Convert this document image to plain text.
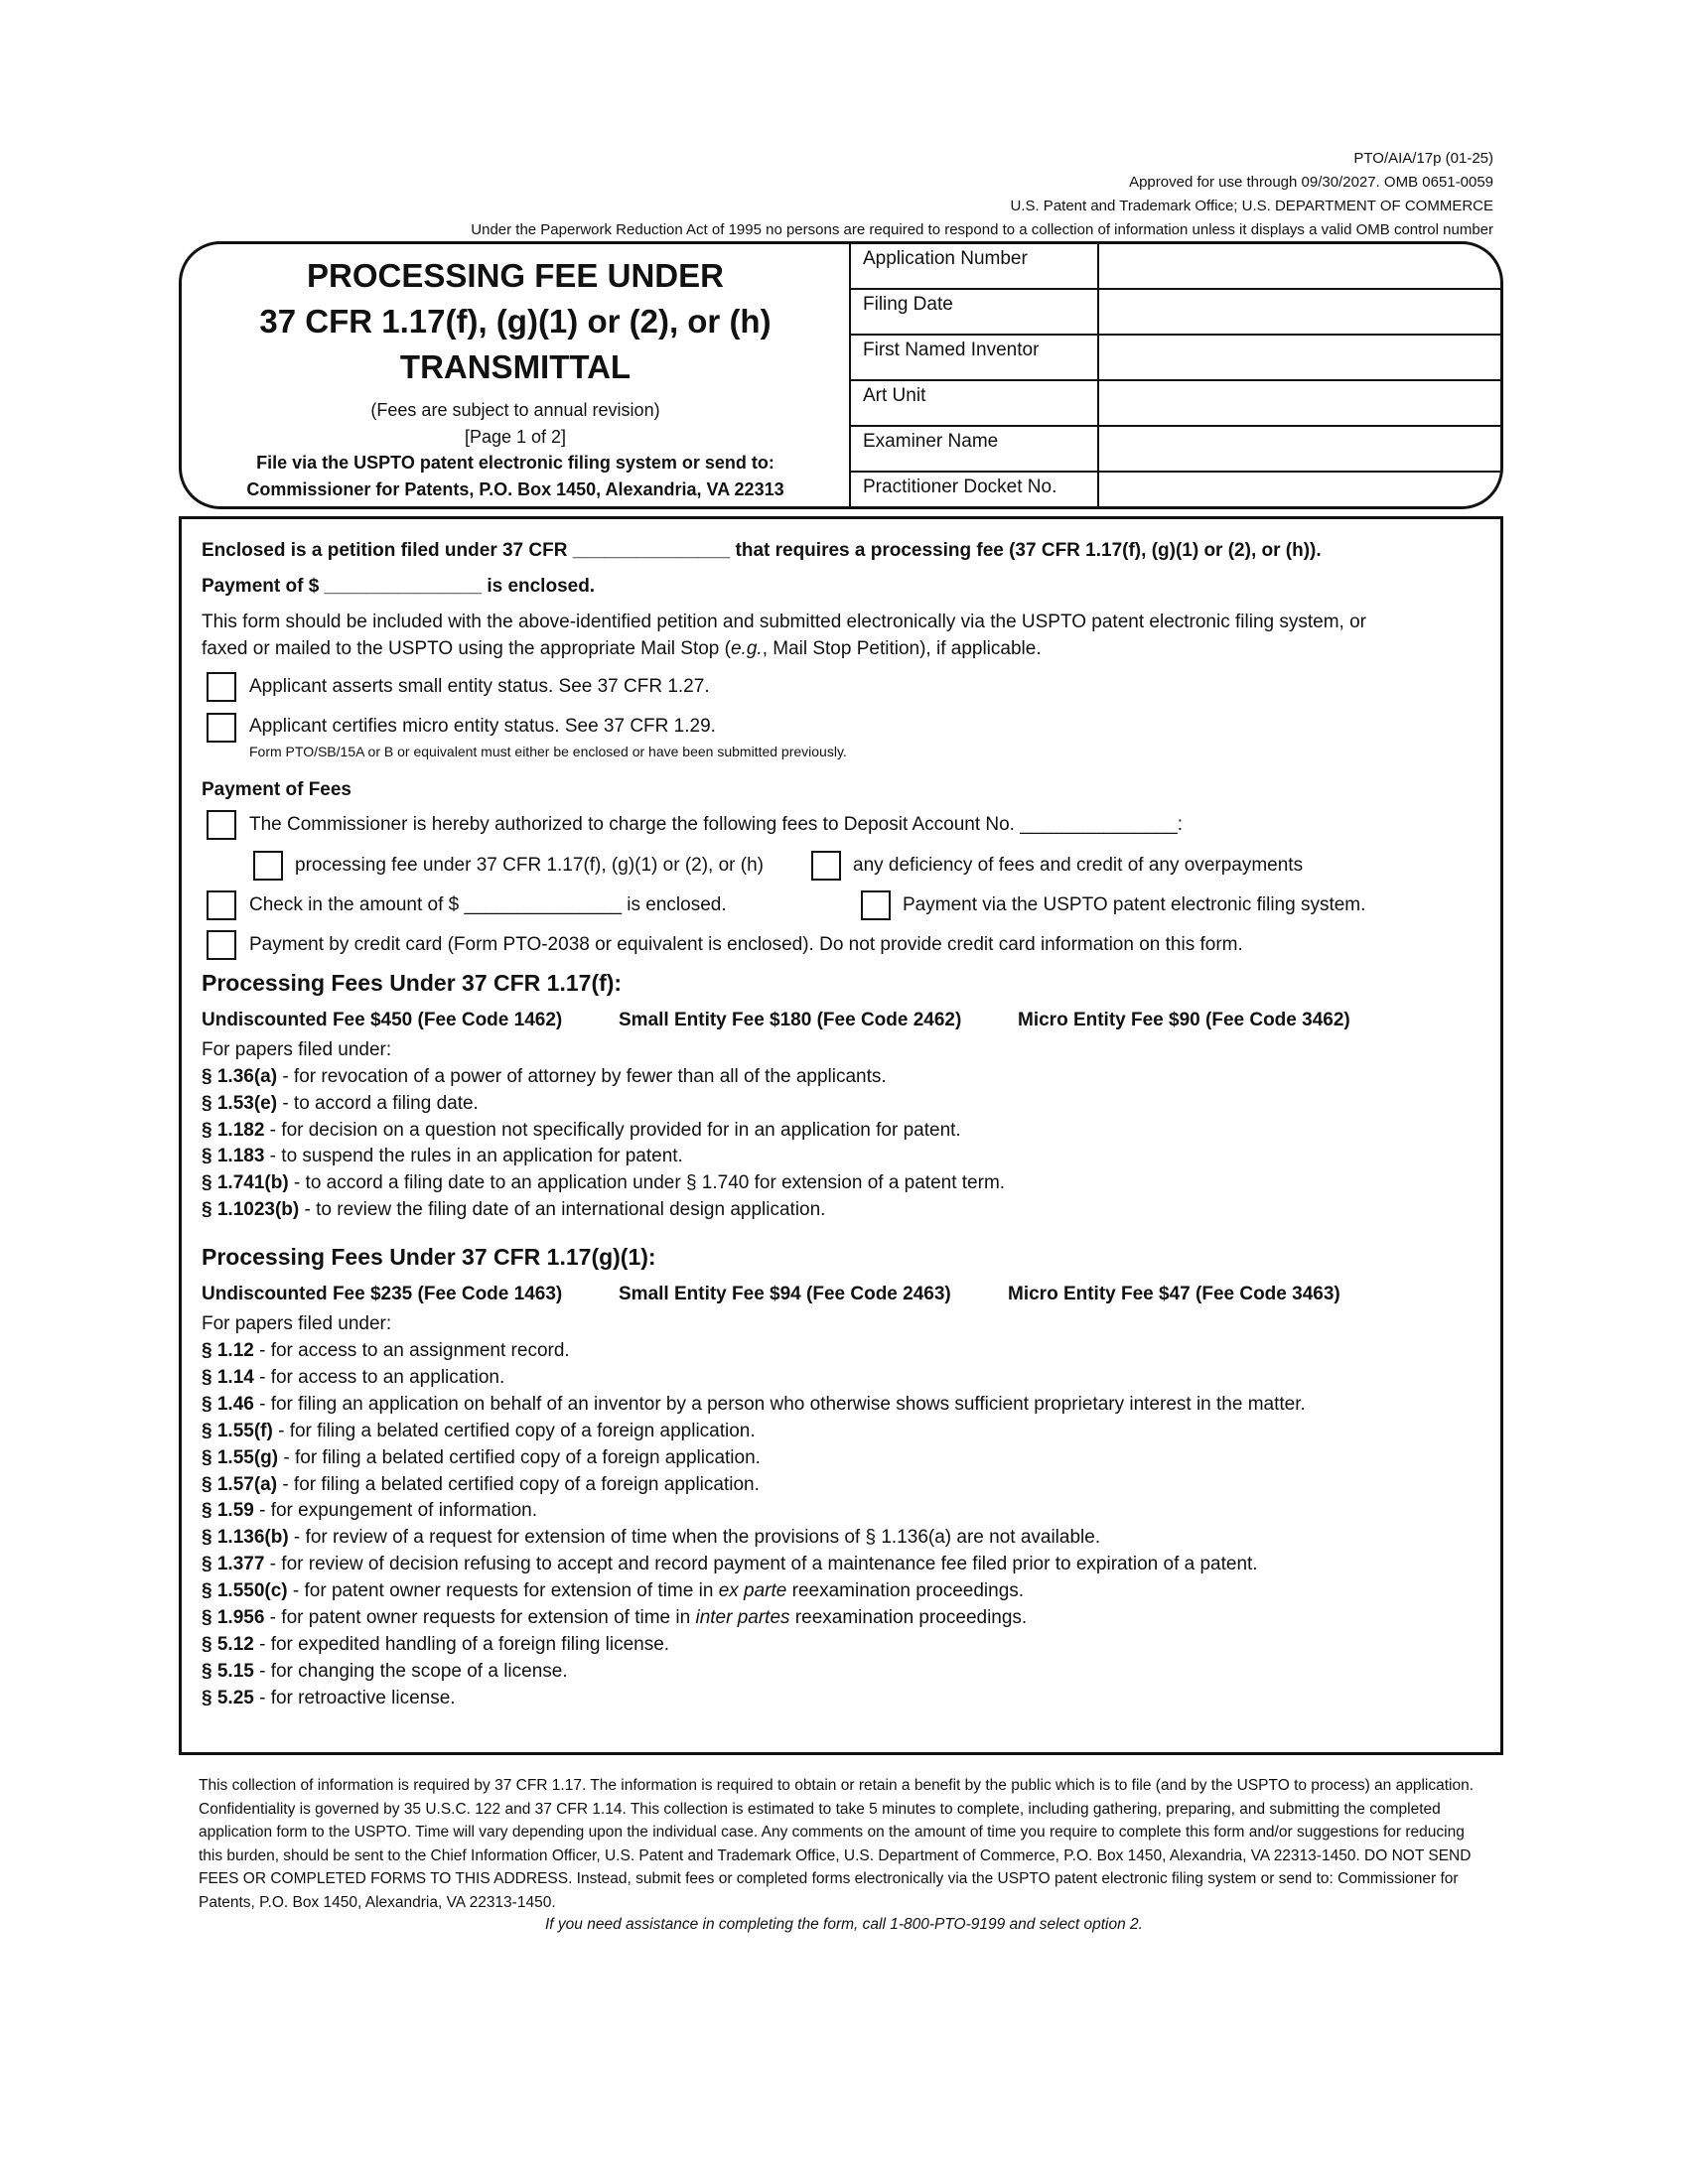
PTO/AIA/17p (01-25)
Approved for use through 09/30/2027. OMB 0651-0059
U.S. Patent and Trademark Office; U.S. DEPARTMENT OF COMMERCE
Under the Paperwork Reduction Act of 1995 no persons are required to respond to a collection of information unless it displays a valid OMB control number
PROCESSING FEE UNDER
37 CFR 1.17(f), (g)(1) or (2), or (h)
TRANSMITTAL
(Fees are subject to annual revision)
[Page 1 of 2]
File via the USPTO patent electronic filing system or send to:
Commissioner for Patents, P.O. Box 1450, Alexandria, VA 22313
Application Number
Filing Date
First Named Inventor
Art Unit
Examiner Name
Practitioner Docket No.
Enclosed is a petition filed under 37 CFR _______________ that requires a processing fee (37 CFR 1.17(f), (g)(1) or (2), or (h)).
Payment of $ _______________ is enclosed.
This form should be included with the above-identified petition and submitted electronically via the USPTO patent electronic filing system, or
faxed or mailed to the USPTO using the appropriate Mail Stop (e.g., Mail Stop Petition), if applicable.
Applicant asserts small entity status. See 37 CFR 1.27.
Applicant certifies micro entity status. See 37 CFR 1.29.
Form PTO/SB/15A or B or equivalent must either be enclosed or have been submitted previously.
Payment of Fees
The Commissioner is hereby authorized to charge the following fees to Deposit Account No. _______________:
processing fee under 37 CFR 1.17(f), (g)(1) or (2), or (h)	any deficiency of fees and credit of any overpayments
Check in the amount of $ _______________ is enclosed.	Payment via the USPTO patent electronic filing system.
Payment by credit card (Form PTO-2038 or equivalent is enclosed). Do not provide credit card information on this form.
Processing Fees Under 37 CFR 1.17(f):
Undiscounted Fee $450 (Fee Code 1462)	Small Entity Fee $180 (Fee Code 2462)	Micro Entity Fee $90 (Fee Code 3462)
For papers filed under:
Processing Fees Under 37 CFR 1.17(g)(1):
Undiscounted Fee $235 (Fee Code 1463)	Small Entity Fee $94 (Fee Code 2463)	Micro Entity Fee $47 (Fee Code 3463)
For papers filed under:
§ 1.36(a) - for revocation of a power of attorney by fewer than all of the applicants.
§ 1.53(e) - to accord a filing date.
§ 1.182 - for decision on a question not specifically provided for in an application for patent.
§ 1.183 - to suspend the rules in an application for patent.
§ 1.741(b) - to accord a filing date to an application under § 1.740 for extension of a patent term.
§ 1.1023(b) - to review the filing date of an international design application.
§ 1.12 - for access to an assignment record.
§ 1.14 - for access to an application.
§ 1.46 - for filing an application on behalf of an inventor by a person who otherwise shows sufficient proprietary interest in the matter.
§ 1.55(f) - for filing a belated certified copy of a foreign application.
§ 1.55(g) - for filing a belated certified copy of a foreign application.
§ 1.57(a) - for filing a belated certified copy of a foreign application.
§ 1.59 - for expungement of information.
§ 1.136(b) - for review of a request for extension of time when the provisions of § 1.136(a) are not available.
§ 1.377 - for review of decision refusing to accept and record payment of a maintenance fee filed prior to expiration of a patent.
§ 1.550(c) - for patent owner requests for extension of time in ex parte reexamination proceedings.
§ 1.956 - for patent owner requests for extension of time in inter partes reexamination proceedings.
§ 5.12 - for expedited handling of a foreign filing license.
§ 5.15 - for changing the scope of a license.
§ 5.25 - for retroactive license.
This collection of information is required by 37 CFR 1.17. The information is required to obtain or retain a benefit by the public which is to file (and by the USPTO to process) an application. Confidentiality is governed by 35 U.S.C. 122 and 37 CFR 1.14. This collection is estimated to take 5 minutes to complete, including gathering, preparing, and submitting the completed application form to the USPTO. Time will vary depending upon the individual case. Any comments on the amount of time you require to complete this form and/or suggestions for reducing this burden, should be sent to the Chief Information Officer, U.S. Patent and Trademark Office, U.S. Department of Commerce, P.O. Box 1450, Alexandria, VA 22313-1450. DO NOT SEND FEES OR COMPLETED FORMS TO THIS ADDRESS. Instead, submit fees or completed forms electronically via the USPTO patent electronic filing system or send to: Commissioner for Patents, P.O. Box 1450, Alexandria, VA 22313-1450.
If you need assistance in completing the form, call 1-800-PTO-9199 and select option 2.
